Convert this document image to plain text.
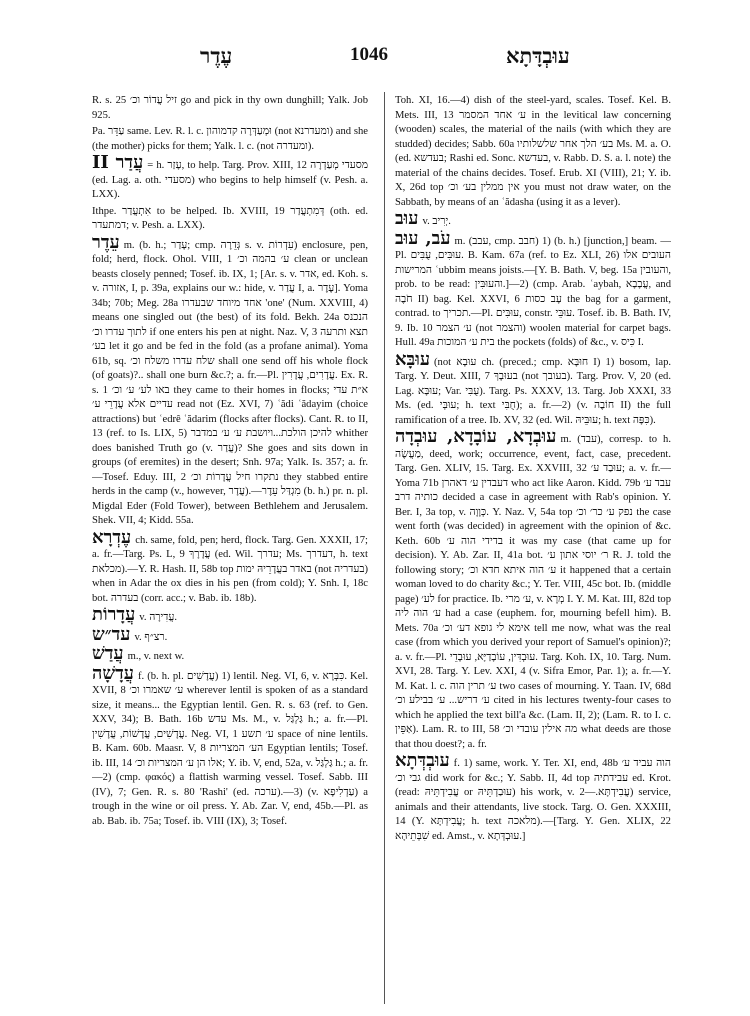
עֶדֶר	1046	עוּבְדָּתָא

R. s. 25 זיל עֲדוֹר וכ׳ go and pick in thy own dunghill; Yalk. Job 925.

Pa. עַדֵּר same. Lev. R. l. c. וּמְעַדְּרָה קדמוהון (not ומעדרנא) and she (the mother) picks for them; Yalk. l. c. (not ומעדרה).

עֲדַר II = h. עָזַר, to help. Targ. Prov. XIII, 12 מסעדי מְעַדְרָה (ed. Lag. a. oth. מסעדי) who begins to help himself (v. Pesh. a. LXX).

Ithpe. אִתְעֲדַר to be helped. Ib. XVIII, 19 דְּמִתְעֲדַר (oth. ed. דמתעדר; v. Pesh. a. LXX).

עֵדֶר m. (b. h.; עָדַר; cmp. גְּדֵרָה s. v. עִדְרוֹת) enclosure, pen, fold; herd, flock. Ohol. VIII, 1 ע׳ בהמה וכ׳ clean or unclean beasts closely penned; Tosef. ib. IX, 1; [Ar. s. v. אדר, ed. Koh. s. v. אזורה, I, p. 39a, explains our w.: hide, v. עֲדַר I, a. עֶדֶר]. Yoma 34b; 70b; Meg. 28a אחד מיוחד שבעדרו 'one' (Num. XXVIII, 4) means one singled out (the best) of its fold. Bekh. 24a הנכנס לתוך עדרו וכ׳ if one enters his pen at night. Naz. V, 3 תצא ותרעה בע׳ let it go and be fed in the fold (as a profane animal). Yoma 61b, sq. שלח עדרו משלח וכ׳ shall one send off his whole flock (of goats)?.. shall one burn &c.?; a. fr.—Pl. עֲדָרִים, עֲדָרִין. Ex. R. s. 1 באו לע׳ ע׳ וכ׳ they came to their homes in flocks; א״ת עדי עדיים אלא עֲדָרֵי ע׳ read not (Ez. XVI, 7) ʿădi ʿădayim (choice attractions) but ʿedrê ʿădarim (flocks after flocks). Cant. R. to II, 13 (ref. to Is. LIX, 5) להיכן הולכת...ויושבת ע׳ ע׳ במדבר whither does banished Truth go (v. עֲדַר)? She goes and sits down in groups (of eremites) in the desert; Snh. 97a; Yalk. Is. 357; a. fr.—Tosef. Eduy. III, 2 נתקרו חיל עֲדָרוֹת וכ׳ they stabbed entire herds in the camp (v., however, עֲדָר).—מִגְדַּל עֵדֶר (b. h.) pr. n. pl. Migdal Eder (Fold Tower), between Bethlehem and Jerusalem. Shek. VII, 4; Kidd. 55a.

עֶדְרָא ch. same, fold, pen; herd, flock. Targ. Gen. XXXII, 17; a. fr.—Targ. Ps. L, 9 עֲדָרָךְ (ed. Wil. עדרך; Ms. דעדרך, h. text מכלאת).—Y. R. Hash. II, 58b top באדר בעֲדָרֵיהּ ימות (not בעדריה) when in Adar the ox dies in his pen (from cold); Y. Snh. I, 18c bot. בעדרה (corr. acc.; v. Bab. ib. 18b).

עֲדָרוֹת v. עֲדִירָה.

עד״ש v. רצ״ף.

עֲדַשׁ m., v. next w.

עֲדָשָׁה f. (b. h. pl. עֲדָשִׁים) 1) lentil. Neg. VI, 6, v. כִּבְּרָא. Kel. XVII, 8 ע׳ שאמרו וכ׳ wherever lentil is spoken of as a standard size, it means... the Egyptian lentil. Gen. R. s. 63 (ref. to Gen. XXV, 34); B. Bath. 16b עדש Ms. M., v. גַּלְגַּל h.; a. fr.—Pl. עֲדָשִׁים, עֲדָשׁוֹת, עֲדָשִׁין. Neg. VI, 1 ע׳ תשע space of nine lentils. B. Kam. 60b. Maasr. V, 8 הע׳ המצריות Egyptian lentils; Tosef. ib. III, 14 אלו הן ע׳ המצריות וכ׳; Y. ib. V, end, 52a, v. גַּלְגַּל h.; a. fr.—2) (cmp. φακός) a flattish warming vessel. Tosef. Sabb. III (IV), 7; Gen. R. s. 80 'Rashi' (ed. ערכה).—3) (v. עַדְלִיפָא) a trough in the wine or oil press. Y. Ab. Zar. V, end, 45b.—Pl. as ab. Bab. ib. 75a; Tosef. ib. VIII (IX), 3; Tosef.

Toh. XI, 16.—4) dish of the steel-yard, scales. Tosef. Kel. B. Mets. III, 13 ע׳ אחד המסמר in the levitical law concerning (wooden) scales, the material of the nails (with which they are studded) decides; Sabb. 60a בע׳ הלך אחר שלשלותיו Ms. M. a. O. (ed. בעדשא; Rashi ed. Sonc. בעדשא, v. Rabb. D. S. a. l. note) the material of the chains decides. Tosef. Erub. XI (VIII), 21; Y. ib. X, 26d top אין ממלין בע׳ וכ׳ you must not draw water, on the Sabbath, by means of an ʿădasha (using it as a lever).

עוּב v. יְרִיב.

עֹב, עוּב m. (עבב, cmp. חבב) 1) (b. h.) [junction,] beam. —Pl. עוּבִּים, עֻבִּים. B. Kam. 67a (ref. to Ez. XLI, 26) העובים אלו המרישות ʿubbim means joists.—[Y. B. Bath. V, beg. 15a והעובין, prob. to be read: והעוּבִּין.]—2) (cmp. Arab. ʿaybah, עֲבָבָא, and חֹבֶה II) bag. Kel. XXVI, 6 עָב כסות the bag for a garment, contrad. to תכריך.—Pl. עוּבִּים, constr. עוּבֵּי. Tosef. ib. B. Bath. IV, 9. Ib. 10 ע׳ הצמר (not והצמר) woolen material for carpet bags. Hull. 49a בית ע׳ המוכות the pockets (folds) of &c., v. כִּיס I.

עוּבָּא (not עוּבָא ch. (preced.; cmp. חוּבָּא I) 1) bosom, lap. Targ. Y. Deut. XIII, 7 בעוּבָךְ (not בעובך). Targ. Prov. V, 20 (ed. Lag. עוּבָּא; Var. עֻבִּי). Targ. Ps. XXXV, 13. Targ. Job XXXI, 33 Ms. (ed. עוּבְּי; h. text חֻבִּי); a. fr.—2) (v. חוֹבֶה II) the full ramification of a tree. Ib. XV, 32 (ed. Wil. עוּבֵּיהּ; h. text כִּפָּה).

עוּבְדָא, עוֹבָדָא, עוּבְדָה m. (עבד), corresp. to h. מַעֲשֶׂה, deed, work; occurrence, event, fact, case, precedent. Targ. Gen. XLIV, 15. Targ. Ex. XXVIII, 32 עוּבַד ע׳; a. v. fr.—Yoma 71b דעבדין ע׳ דאהרן who act like Aaron. Kidd. 79b עבד ע׳ כותיה דרב decided a case in agreement with Rab's opinion. Y. Ber. I, 3a top, v. כְּוָוָה. Y. Naz. V, 54a top נפק ע׳ כר׳ וכ׳ the case went forth (was decided) in agreement with the opinion of &c. Keth. 60b בדידי הוה ע׳ it was my case (that came up for decision). Y. Ab. Zar. II, 41a bot. ר׳ יוסי אתון ע׳ R. J. told the following story; ע׳ הוה איתא חדא וכ׳ it happened that a certain woman loved to do charity &c.; Y. Ter. VIII, 45c bot. Ib. (middle page) לע׳ for practice. Ib. ע׳ מרי, v. מְרָא I. Y. M. Kat. III, 82d top ע׳ הוה ליה had a case (euphem. for, mourning befell him). B. Mets. 70a אימא לי גופא דע׳ וכ׳ tell me now, what was the real case (from which you derived your report of Samuel's opinion)?; a. v. fr.—Pl. עוּבְדִּין, עוֹבָדַיָּא, עוּבָדֵי. Targ. Koh. IX, 10. Targ. Num. XVI, 28. Targ. Y. Lev. XXI, 4 (v. Sifra Emor, Par. 1); a. fr.—Y. M. Kat. l. c. ע׳ תרין הוה two cases of mourning. Y. Taan. IV, 68d ע׳ דריש... ע׳ בבילע וכ׳ cited in his lectures twenty-four cases to which he applied the text bill'a &c. (Lam. II, 2); (Lam. R. to I. c. אַפֵּין). Lam. R. to III, 58 מה אילין עובדי וכ׳ what deeds are those that thou doest?; a. fr.

עוּבְדְּתָא f. 1) same, work. Y. Ter. XI, end, 48b הוה עביד ע׳ גבי וכ׳ did work for &c.; Y. Sabb. II, 4d top עבידתיה ed. Krot. (read: עֲבִידְתֵּיהּ or עוּבַדְתֵּיהּ) his work, v. עֲבִידְתָּא.—2) service, animals and their attendants, live stock. Targ. O. Gen. XXXIII, 14 (Y. עֲבִידְתָּא; h. text מלאכה).—[Targ. Y. Gen. XLIX, 22 שִׁבְּתֵיהָא ed. Amst., v. עוּבְדְּתָא.]
